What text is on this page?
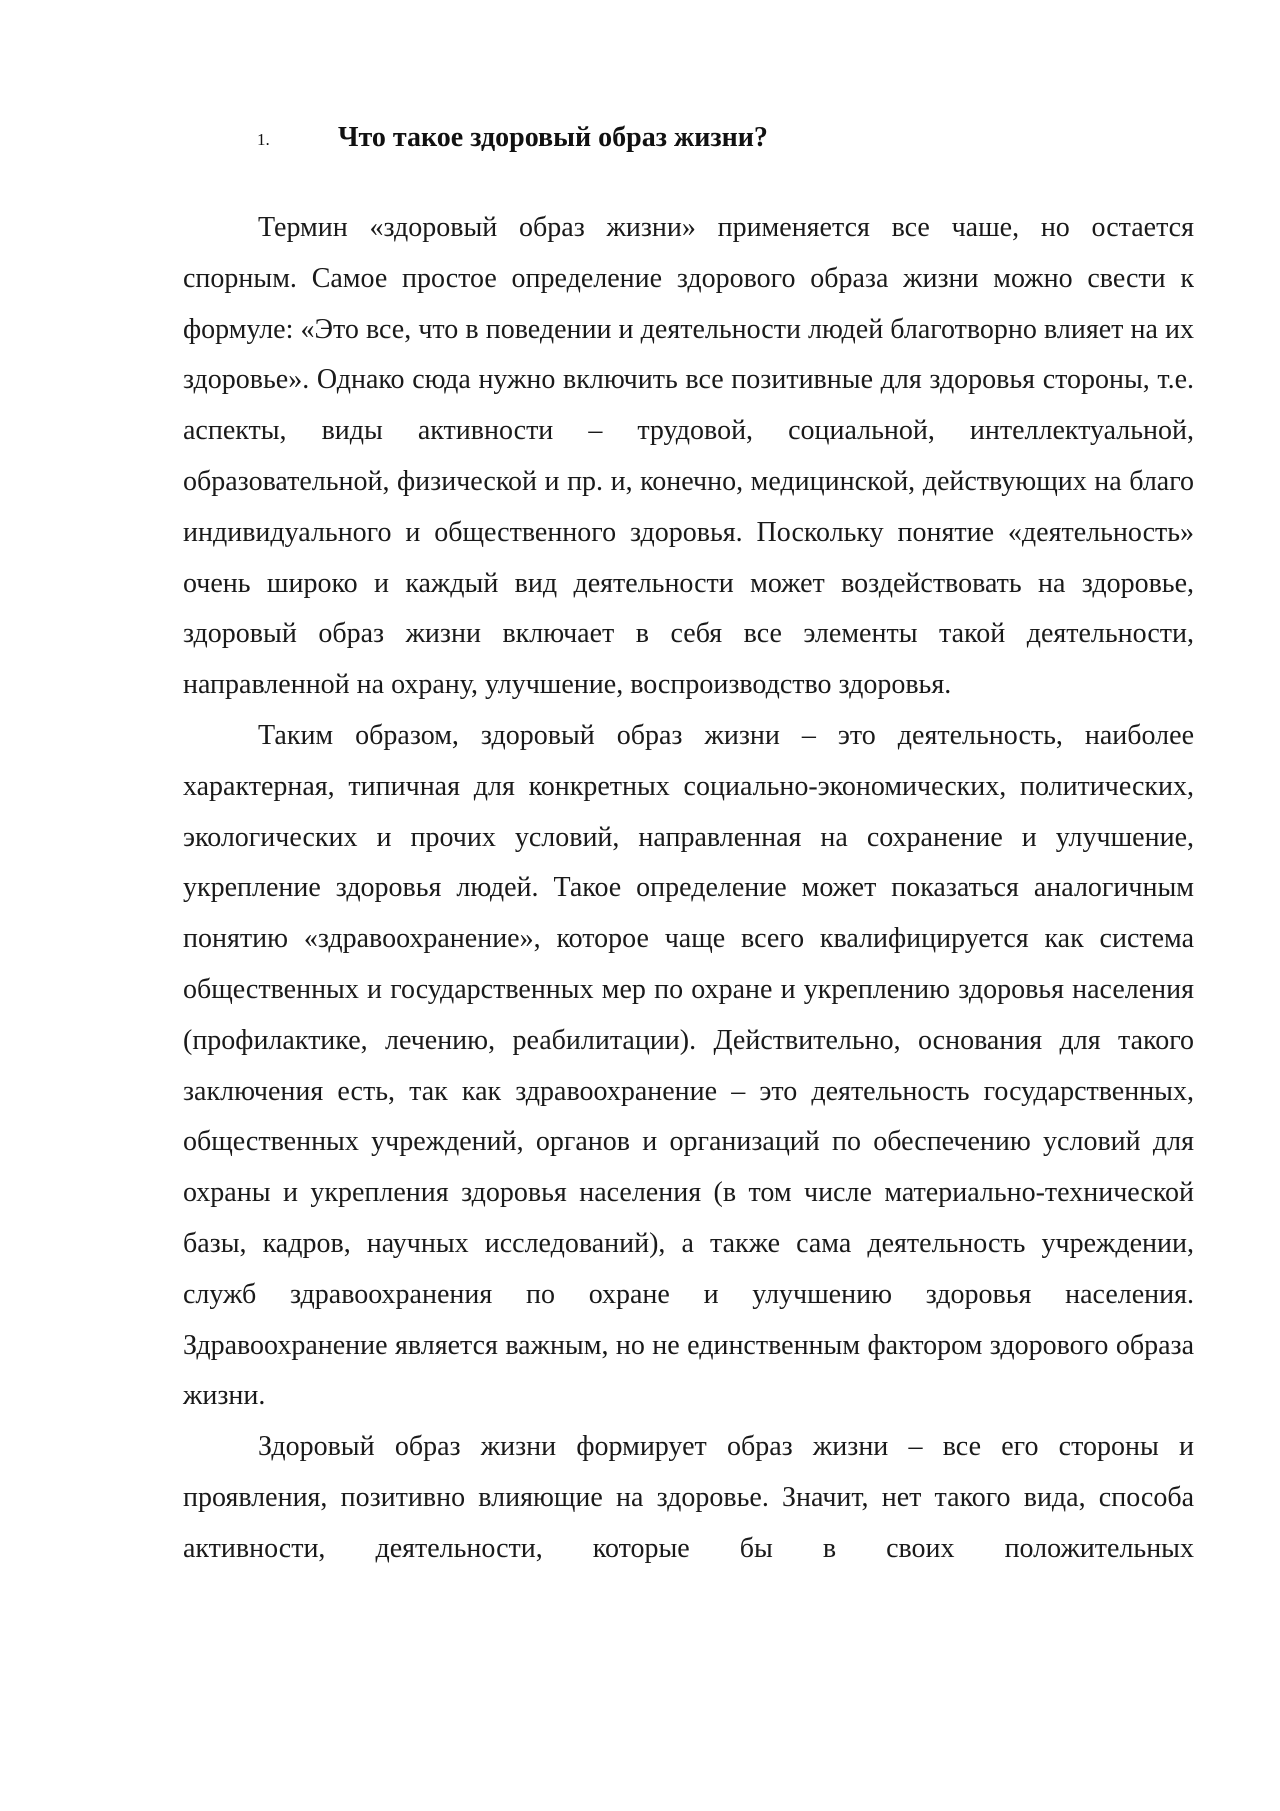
1. Что такое здоровый образ жизни?

Термин «здоровый образ жизни» применяется все чаше, но остается спорным. Самое простое определение здорового образа жизни можно свести к формуле: «Это все, что в поведении и деятельности людей благотворно влияет на их здоровье». Однако сюда нужно включить все позитивные для здоровья стороны, т.е. аспекты, виды активности – трудовой, социальной, интеллектуальной, образовательной, физической и пр. и, конечно, медицинской, действующих на благо индивидуального и общественного здоровья. Поскольку понятие «деятельность» очень широко и каждый вид деятельности может воздействовать на здоровье, здоровый образ жизни включает в себя все элементы такой деятельности, направленной на охрану, улучшение, воспроизводство здоровья.

Таким образом, здоровый образ жизни – это деятельность, наиболее характерная, типичная для конкретных социально-экономических, политических, экологических и прочих условий, направленная на сохранение и улучшение, укрепление здоровья людей. Такое определение может показаться аналогичным понятию «здравоохранение», которое чаще всего квалифицируется как система общественных и государственных мер по охране и укреплению здоровья населения (профилактике, лечению, реабилитации). Действительно, основания для такого заключения есть, так как здравоохранение – это деятельность государственных, общественных учреждений, органов и организаций по обеспечению условий для охраны и укрепления здоровья населения (в том числе материально-технической базы, кадров, научных исследований), а также сама деятельность учреждении, служб здравоохранения по охране и улучшению здоровья населения. Здравоохранение является важным, но не единственным фактором здорового образа жизни.

Здоровый образ жизни формирует образ жизни – все его стороны и проявления, позитивно влияющие на здоровье. Значит, нет такого вида, способа активности, деятельности, которые бы в своих положительных
